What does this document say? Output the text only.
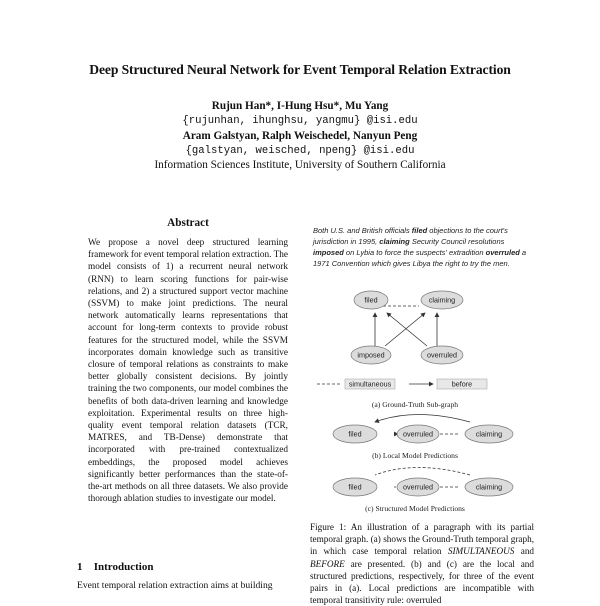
Deep Structured Neural Network for Event Temporal Relation Extraction
Rujun Han*, I-Hung Hsu*, Mu Yang
{rujunhan, ihunghsu, yangmu} @isi.edu
Aram Galstyan, Ralph Weischedel, Nanyun Peng
{galstyan, weisched, npeng} @isi.edu
Information Sciences Institute, University of Southern California
Abstract

We propose a novel deep structured learning framework for event temporal relation extraction. The model consists of 1) a recurrent neural network (RNN) to learn scoring functions for pair-wise relations, and 2) a structured support vector machine (SSVM) to make joint predictions. The neural network automatically learns representations that account for long-term contexts to provide robust features for the structured model, while the SSVM incorporates domain knowledge such as transitive closure of temporal relations as constraints to make better globally consistent decisions. By jointly training the two components, our model combines the benefits of both data-driven learning and knowledge exploitation. Experimental results on three high-quality event temporal relation datasets (TCR, MATRES, and TB-Dense) demonstrate that incorporated with pre-trained contextualized embeddings, the proposed model achieves significantly better performances than the state-of-the-art methods on all three datasets. We also provide thorough ablation studies to investigate our model.

1 Introduction

Event temporal relation extraction aims at building

Both U.S. and British officials filed objections to the court's jurisdiction in 1995, claiming Security Council resolutions imposed on Lybia to force the suspects' extradition overruled a 1971 Convention which gives Libya the right to try the men.
filed	claiming
imposed	overruled
simultaneous	before
(a) Ground-Truth Sub-graph
filed	overruled	claiming
(b) Local Model Predictions
filed	overruled	claiming
(c) Structured Model Predictions

Figure 1: An illustration of a paragraph with its partial temporal graph. (a) shows the Ground-Truth temporal graph, in which case temporal relation SIMULTANEOUS and BEFORE are presented. (b) and (c) are the local and structured predictions, respectively, for three of the event pairs in (a). Local predictions are incompatible with temporal transitivity rule: overruled
